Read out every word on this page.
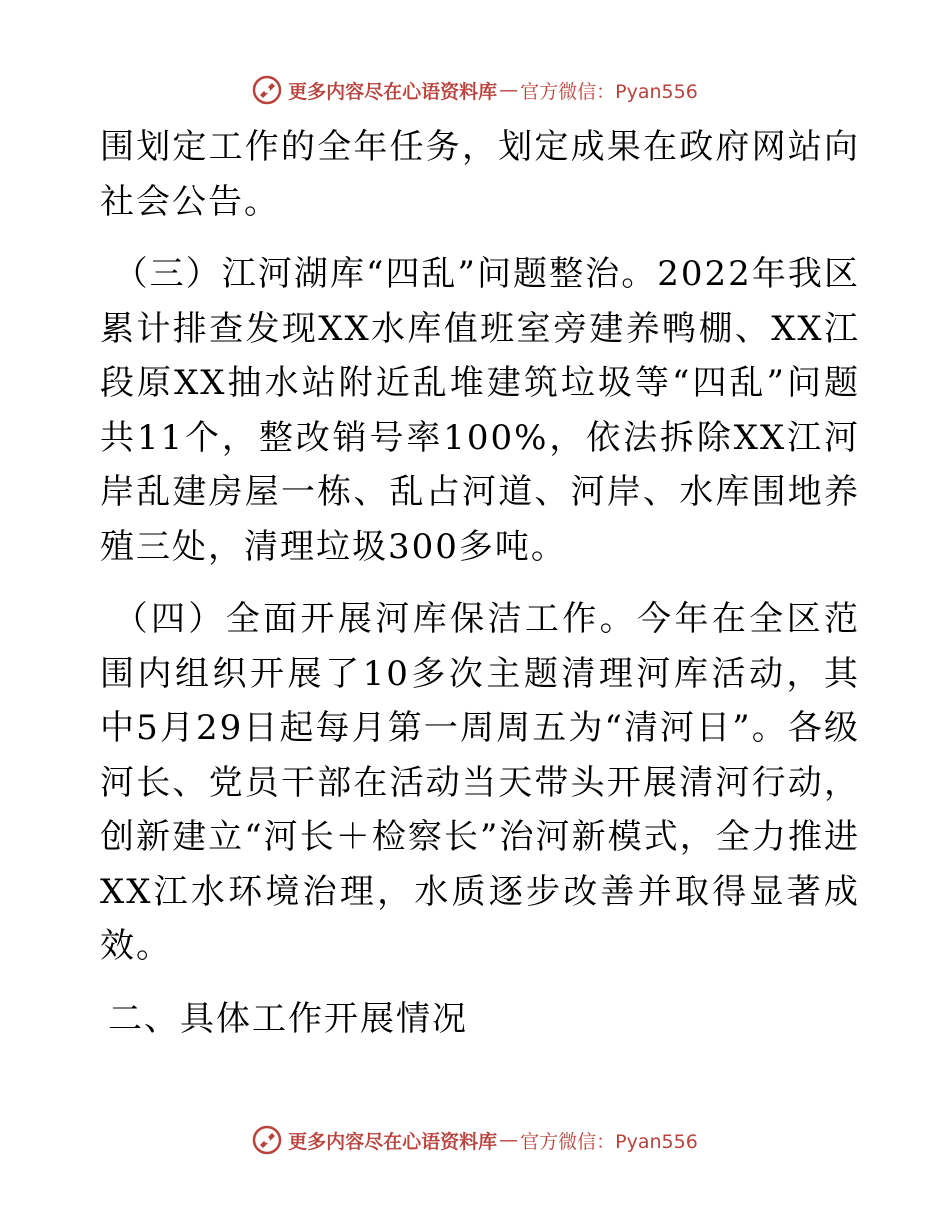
更多内容尽在心语资料库 — 官方微信：Pyan556

围划定工作的全年任务，划定成果在政府网站向社会公告。

（三）江河湖库“四乱”问题整治。2022年我区累计排查发现XX水库值班室旁建养鸭棚、XX江段原XX抽水站附近乱堆建筑垃圾等“四乱”问题共11个，整改销号率100%，依法拆除XX江河岸乱建房屋一栋、乱占河道、河岸、水库围地养殖三处，清理垃圾300多吨。

（四）全面开展河库保洁工作。今年在全区范围内组织开展了10多次主题清理河库活动，其中5月29日起每月第一周周五为“清河日”。各级河长、党员干部在活动当天带头开展清河行动，创新建立“河长＋检察长”治河新模式，全力推进XX江水环境治理，水质逐步改善并取得显著成效。

二、具体工作开展情况

更多内容尽在心语资料库 — 官方微信：Pyan556
